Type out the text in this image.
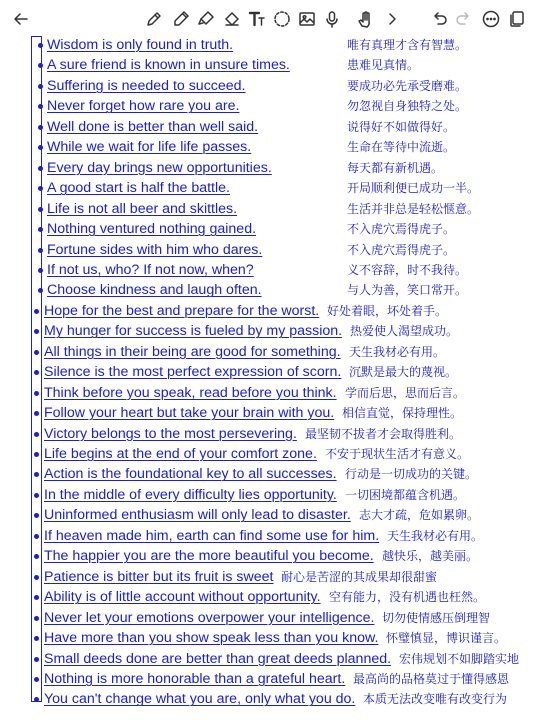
Wisdom is only found in truth.	唯有真理才含有智慧。
A sure friend is known in unsure times.	患难见真情。
Suffering is needed to succeed.	要成功必先承受磨难。
Never forget how rare you are.	勿忽视自身独特之处。
Well done is better than well said.	说得好不如做得好。
While we wait for life life passes.	生命在等待中流逝。
Every day brings new opportunities.	每天都有新机遇。
A good start is half the battle.	开局顺利便已成功一半。
Life is not all beer and skittles.	生活并非总是轻松惬意。
Nothing ventured nothing gained.	不入虎穴焉得虎子。
Fortune sides with him who dares.	不入虎穴焉得虎子。
If not us, who? If not now, when?	义不容辞，时不我待。
Choose kindness and laugh often.	与人为善，笑口常开。
Hope for the best and prepare for the worst. 好处着眼，坏处着手。
My hunger for success is fueled by my passion. 热爱使人渴望成功。
All things in their being are good for something. 天生我材必有用。
Silence is the most perfect expression of scorn. 沉默是最大的蔑视。
Think before you speak, read before you think. 学而后思，思而后言。
Follow your heart but take your brain with you. 相信直觉，保持理性。
Victory belongs to the most persevering. 最坚韧不拔者才会取得胜利。
Life begins at the end of your comfort zone. 不安于现状生活才有意义。
Action is the foundational key to all successes. 行动是一切成功的关键。
In the middle of every difficulty lies opportunity. 一切困境都蕴含机遇。
Uninformed enthusiasm will only lead to disaster. 志大才疏，危如累卵。
If heaven made him, earth can find some use for him. 天生我材必有用。
The happier you are the more beautiful you become. 越快乐，越美丽。
Patience is bitter but its fruit is sweet 耐心是苦涩的其成果却很甜蜜
Ability is of little account without opportunity. 空有能力，没有机遇也枉然。
Never let your emotions overpower your intelligence. 切勿使情感压倒理智
Have more than you show speak less than you know. 怀璧慎显，博识谨言。
Small deeds done are better than great deeds planned. 宏伟规划不如脚踏实地
Nothing is more honorable than a grateful heart. 最高尚的品格莫过于懂得感恩
You can't change what you are, only what you do. 本质无法改变唯有改变行为
